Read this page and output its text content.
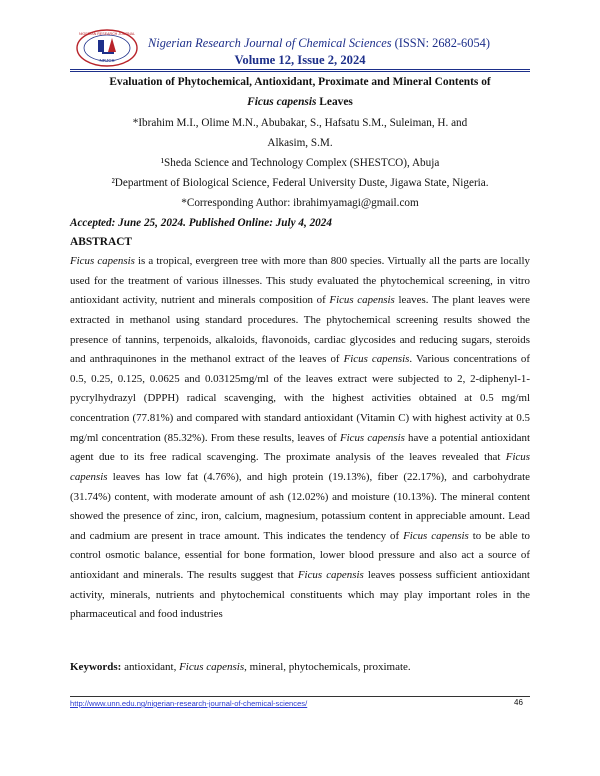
NRJCS
NIGERIAN RESEARCH JOURNAL
Nigerian Research Journal of Chemical Sciences (ISSN: 2682-6054)
Volume 12, Issue 2, 2024
Evaluation of Phytochemical, Antioxidant, Proximate and Mineral Contents of
Ficus capensis Leaves
*Ibrahim M.I., Olime M.N., Abubakar, S., Hafsatu S.M., Suleiman, H. and
Alkasim, S.M.
¹Sheda Science and Technology Complex (SHESTCO), Abuja
²Department of Biological Science, Federal University Duste, Jigawa State, Nigeria.
*Corresponding Author: ibrahimyamagi@gmail.com
Accepted: June 25, 2024. Published Online: July 4, 2024
ABSTRACT
Ficus capensis is a tropical, evergreen tree with more than 800 species. Virtually all the parts are locally used for the treatment of various illnesses. This study evaluated the phytochemical screening, in vitro antioxidant activity, nutrient and minerals composition of Ficus capensis leaves. The plant leaves were extracted in methanol using standard procedures. The phytochemical screening results showed the presence of tannins, terpenoids, alkaloids, flavonoids, cardiac glycosides and reducing sugars, steroids and anthraquinones in the methanol extract of the leaves of Ficus capensis. Various concentrations of 0.5, 0.25, 0.125, 0.0625 and 0.03125mg/ml of the leaves extract were subjected to 2, 2-diphenyl-1-pycrylhydrazyl (DPPH) radical scavenging, with the highest activities obtained at 0.5 mg/ml concentration (77.81%) and compared with standard antioxidant (Vitamin C) with highest activity at 0.5 mg/ml concentration (85.32%). From these results, leaves of Ficus capensis have a potential antioxidant agent due to its free radical scavenging. The proximate analysis of the leaves revealed that Ficus capensis leaves has low fat (4.76%), and high protein (19.13%), fiber (22.17%), and carbohydrate (31.74%) content, with moderate amount of ash (12.02%) and moisture (10.13%). The mineral content showed the presence of zinc, iron, calcium, magnesium, potassium content in appreciable amount. Lead and cadmium are present in trace amount. This indicates the tendency of Ficus capensis to be able to control osmotic balance, essential for bone formation, lower blood pressure and also act a source of antioxidant and minerals. The results suggest that Ficus capensis leaves possess sufficient antioxidant activity, minerals, nutrients and phytochemical constituents which may play important roles in the pharmaceutical and food industries
Keywords: antioxidant, Ficus capensis, mineral, phytochemicals, proximate.
http://www.unn.edu.ng/nigerian-research-journal-of-chemical-sciences/	46
